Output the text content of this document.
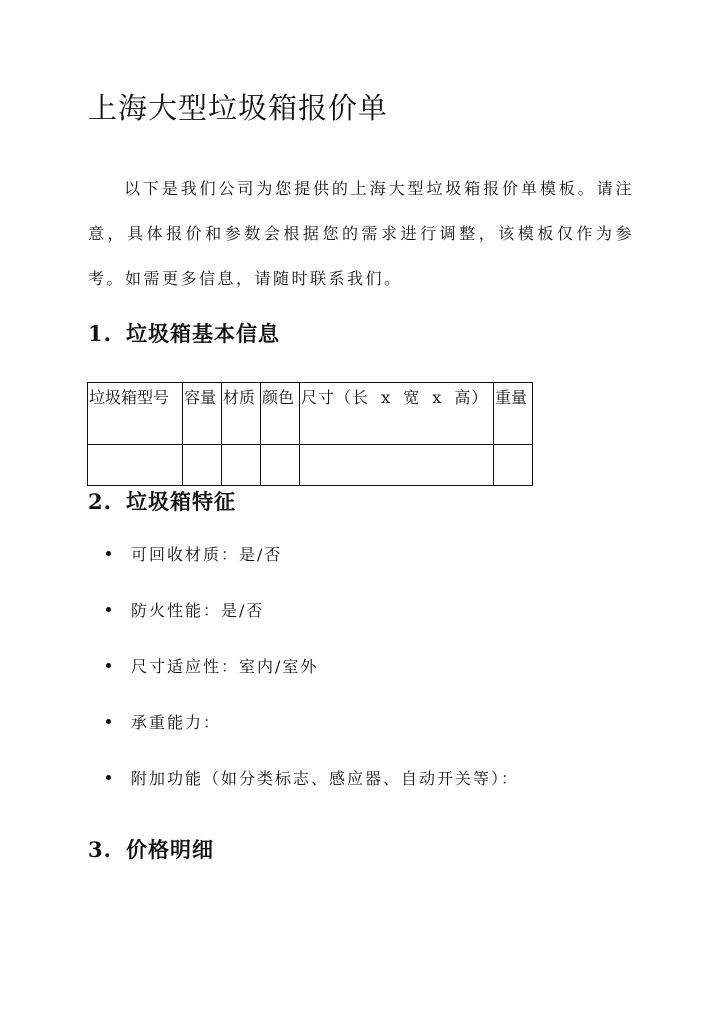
上海大型垃圾箱报价单

以下是我们公司为您提供的上海大型垃圾箱报价单模板。请注意，具体报价和参数会根据您的需求进行调整，该模板仅作为参考。如需更多信息，请随时联系我们。

1. 垃圾箱基本信息
垃圾箱型号	容量	材质	颜色	尺寸（长 x 宽 x 高）	重量

2. 垃圾箱特征
可回收材质：是/否
防火性能：是/否
尺寸适应性：室内/室外
承重能力：
附加功能（如分类标志、感应器、自动开关等）：
3. 价格明细
